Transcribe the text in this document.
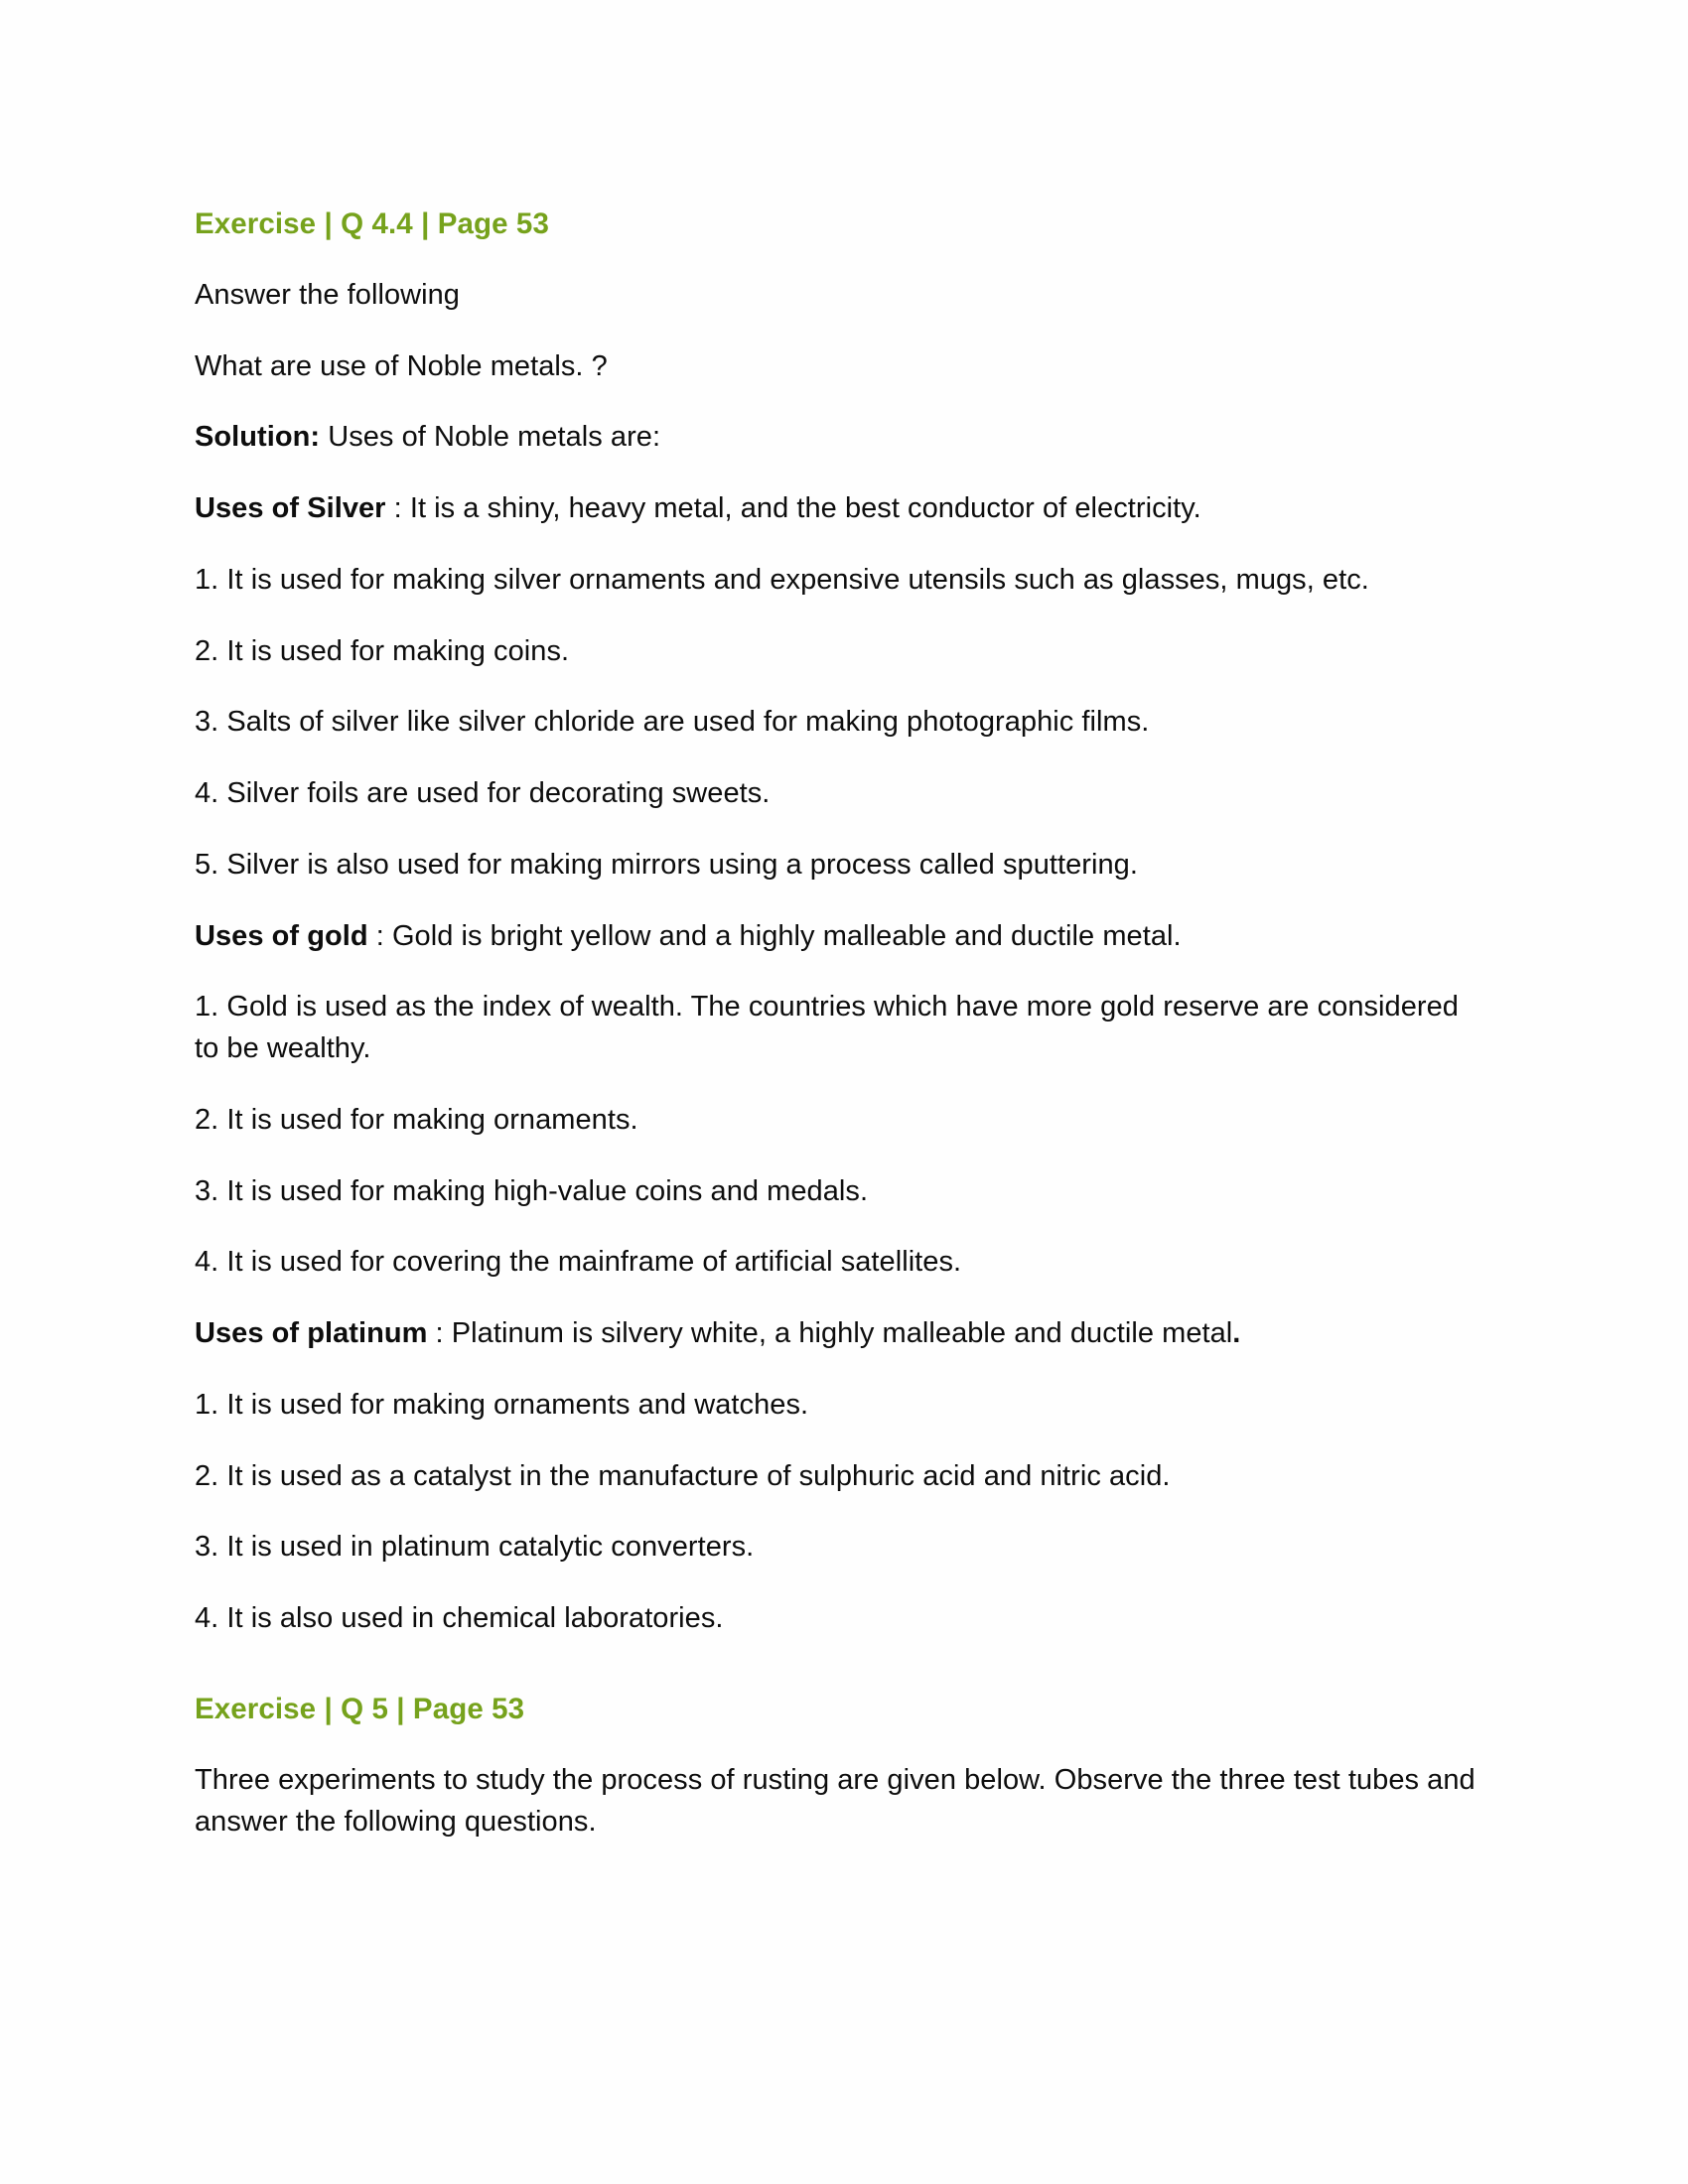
Exercise | Q 4.4 | Page 53

Answer the following

What are use of Noble metals. ?

Solution: Uses of Noble metals are:

Uses of Silver : It is a shiny, heavy metal, and the best conductor of electricity.

1. It is used for making silver ornaments and expensive utensils such as glasses, mugs, etc.

2. It is used for making coins.

3. Salts of silver like silver chloride are used for making photographic films.

4. Silver foils are used for decorating sweets.

5. Silver is also used for making mirrors using a process called sputtering.

Uses of gold : Gold is bright yellow and a highly malleable and ductile metal.

1. Gold is used as the index of wealth. The countries which have more gold reserve are considered to be wealthy.

2. It is used for making ornaments.

3. It is used for making high-value coins and medals.

4. It is used for covering the mainframe of artificial satellites.

Uses of platinum : Platinum is silvery white, a highly malleable and ductile metal.

1. It is used for making ornaments and watches.

2. It is used as a catalyst in the manufacture of sulphuric acid and nitric acid.

3. It is used in platinum catalytic converters.

4. It is also used in chemical laboratories.

Exercise | Q 5 | Page 53

Three experiments to study the process of rusting are given below. Observe the three test tubes and answer the following questions.
